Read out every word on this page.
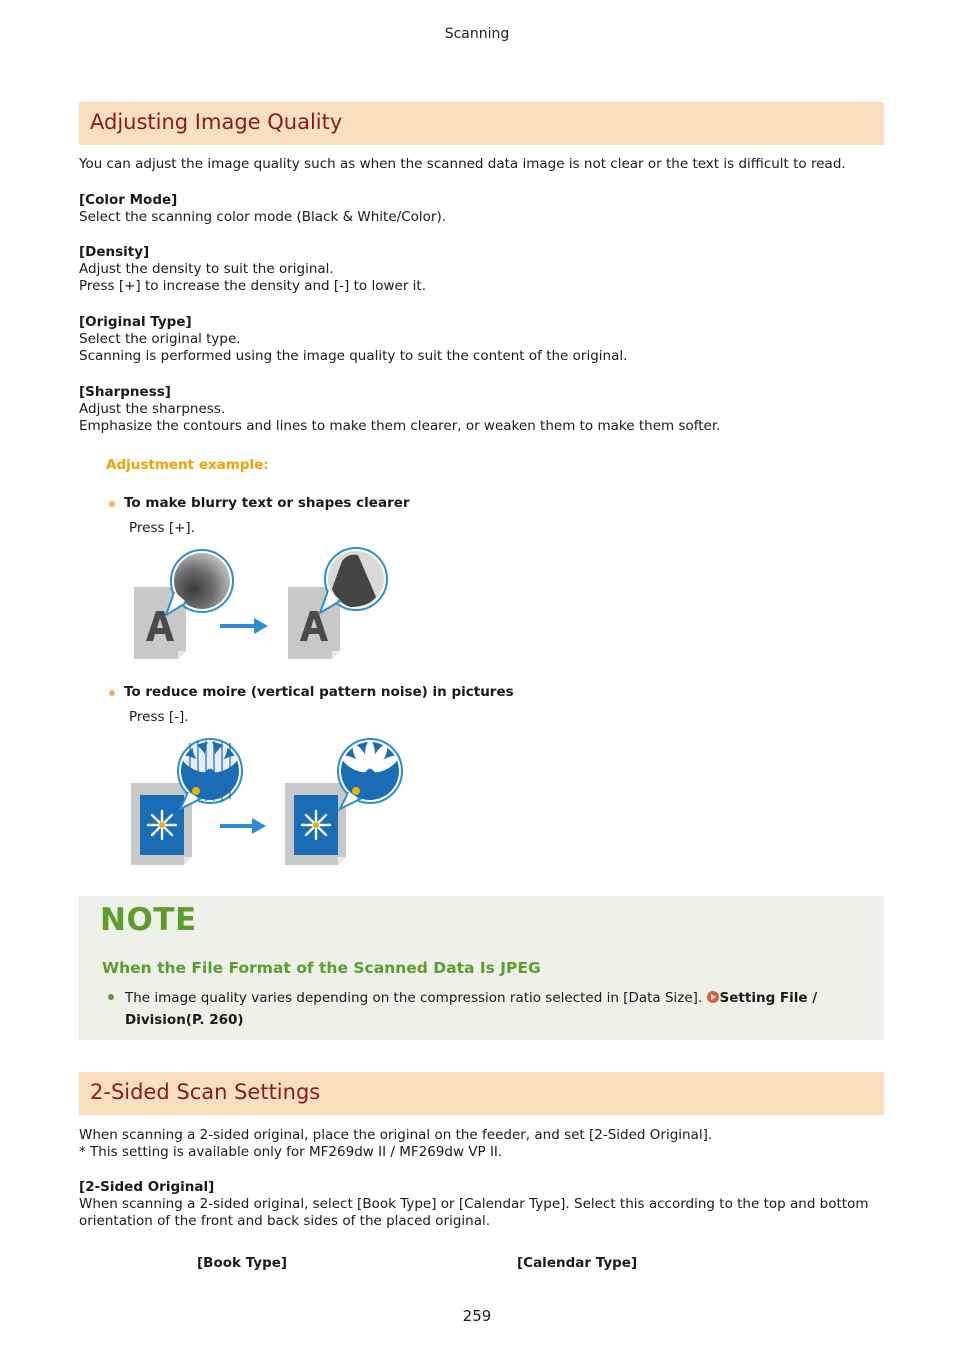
Scanning
Adjusting Image Quality
You can adjust the image quality such as when the scanned data image is not clear or the text is difficult to read.
[Color Mode]
Select the scanning color mode (Black & White/Color).
[Density]
Adjust the density to suit the original.
Press [+] to increase the density and [-] to lower it.
[Original Type]
Select the original type.
Scanning is performed using the image quality to suit the content of the original.
[Sharpness]
Adjust the sharpness.
Emphasize the contours and lines to make them clearer, or weaken them to make them softer.
Adjustment example:
To make blurry text or shapes clearer
Press [+].
To reduce moire (vertical pattern noise) in pictures
Press [-].
NOTE
When the File Format of the Scanned Data Is JPEG
The image quality varies depending on the compression ratio selected in [Data Size]. Setting File / Division(P. 260)
2-Sided Scan Settings
When scanning a 2-sided original, place the original on the feeder, and set [2-Sided Original].
* This setting is available only for MF269dw II / MF269dw VP II.
[2-Sided Original]
When scanning a 2-sided original, select [Book Type] or [Calendar Type]. Select this according to the top and bottom
orientation of the front and back sides of the placed original.
[Book Type]	[Calendar Type]
259
